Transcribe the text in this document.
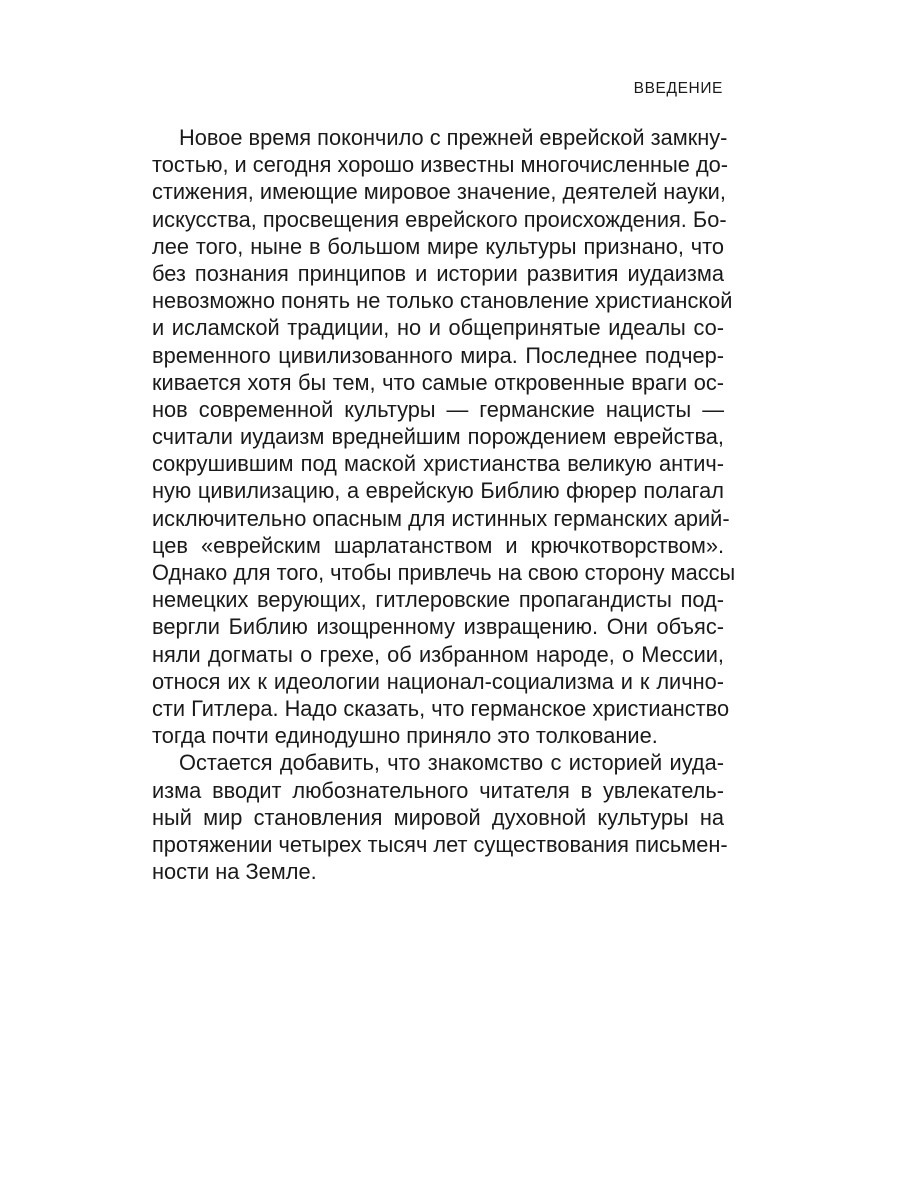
ВВЕДЕНИЕ
Новое время покончило с прежней еврейской замкну-
тостью, и сегодня хорошо известны многочисленные до-
стижения, имеющие мировое значение, деятелей науки,
искусства, просвещения еврейского происхождения. Бо-
лее того, ныне в большом мире культуры признано, что
без познания принципов и истории развития иудаизма
невозможно понять не только становление христианской
и исламской традиции, но и общепринятые идеалы со-
временного цивилизованного мира. Последнее подчер-
кивается хотя бы тем, что самые откровенные враги ос-
нов современной культуры — германские нацисты —
считали иудаизм вреднейшим порождением еврейства,
сокрушившим под маской христианства великую антич-
ную цивилизацию, а еврейскую Библию фюрер полагал
исключительно опасным для истинных германских арий-
цев «еврейским шарлатанством и крючкотворством».
Однако для того, чтобы привлечь на свою сторону массы
немецких верующих, гитлеровские пропагандисты под-
вергли Библию изощренному извращению. Они объяс-
няли догматы о грехе, об избранном народе, о Мессии,
относя их к идеологии национал-социализма и к лично-
сти Гитлера. Надо сказать, что германское христианство
тогда почти единодушно приняло это толкование.
Остается добавить, что знакомство с историей иуда-
изма вводит любознательного читателя в увлекатель-
ный мир становления мировой духовной культуры на
протяжении четырех тысяч лет существования письмен-
ности на Земле.
